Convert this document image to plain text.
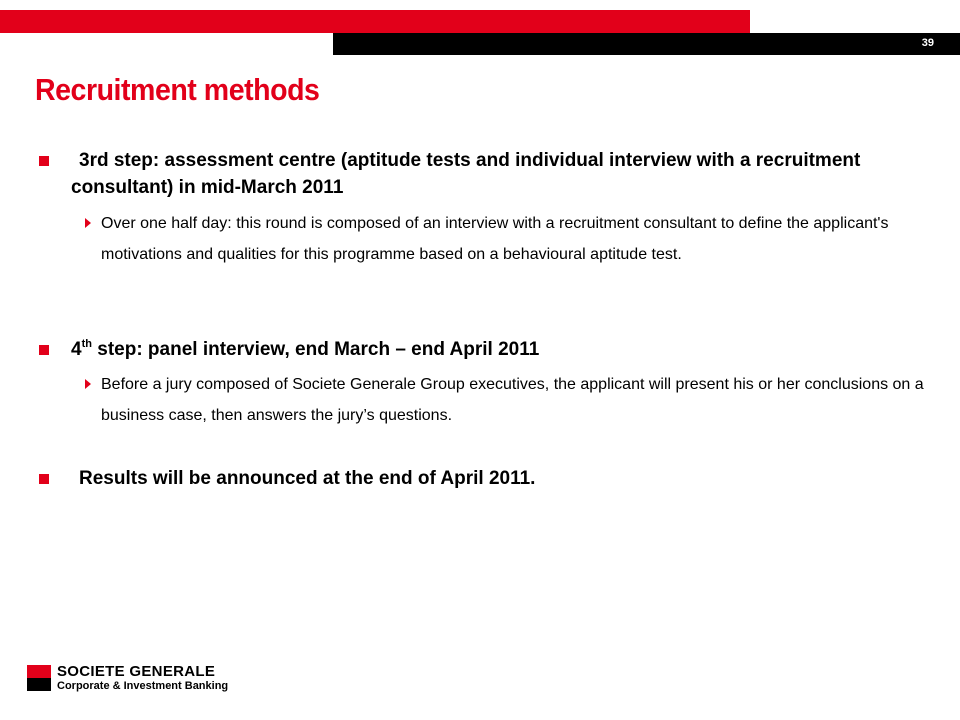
39
Recruitment methods
3rd step: assessment centre (aptitude tests and individual interview with a recruitment consultant) in mid-March 2011
Over one half day: this round is composed of an interview with a recruitment consultant to define the applicant's motivations and qualities for this programme based on a behavioural aptitude test.
4th step: panel interview, end March – end April 2011
Before a jury composed of Societe Generale Group executives, the applicant will present his or her conclusions on a business case, then answers the jury’s questions.
Results will be announced at the end of April 2011.
SOCIETE GENERALE
Corporate & Investment Banking
